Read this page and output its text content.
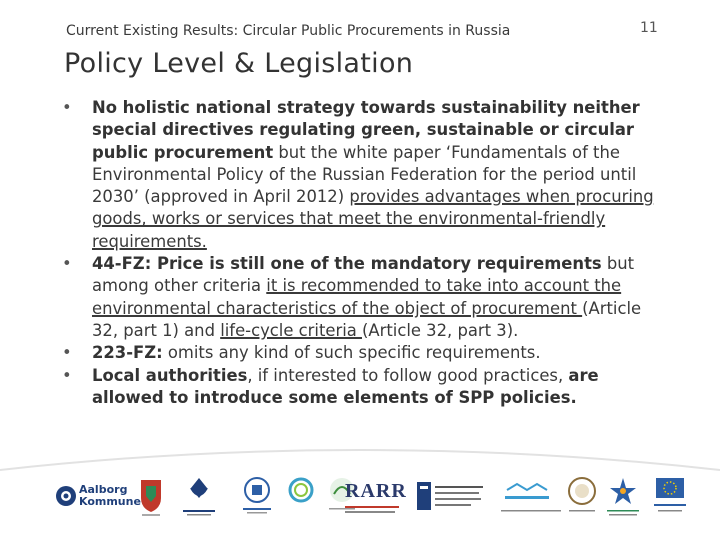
Current Existing Results: Circular Public Procurements in Russia	11
Policy Level & Legislation
• No holistic national strategy towards sustainability neither special directives regulating green, sustainable or circular public procurement but the white paper ‘Fundamentals of the Environmental Policy of the Russian Federation for the period until 2030’ (approved in April 2012) provides advantages when procuring goods, works or services that meet the environmental-friendly requirements.
• 44-FZ: Price is still one of the mandatory requirements but among other criteria it is recommended to take into account the environmental characteristics of the object of procurement (Article 32, part 1) and life-cycle criteria (Article 32, part 3).
• 223-FZ: omits any kind of such specific requirements.
• Local authorities, if interested to follow good practices, are allowed to introduce some elements of SPP policies.
Aalborg
Kommune	RARR
